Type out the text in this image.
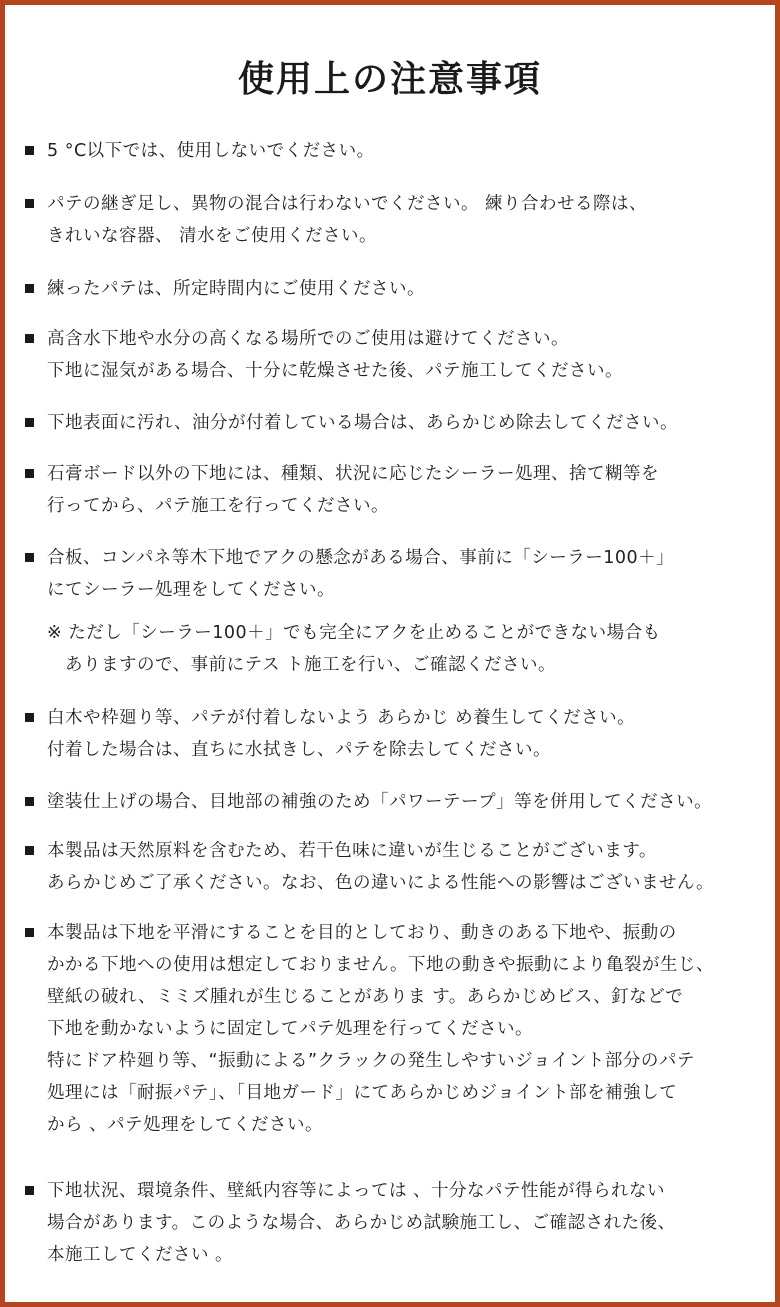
使用上の注意事項
5 °C以下では、使用しないでください。
パテの継ぎ足し、異物の混合は行わないでください。 練り合わせる際は、
きれいな容器、 清水をご使用ください。
練ったパテは、所定時間内にご使用ください。
高含水下地や水分の高くなる場所でのご使用は避けてください。
下地に湿気がある場合、十分に乾燥させた後、パテ施工してください。
下地表面に汚れ、油分が付着している場合は、あらかじめ除去してください。
石膏ボード以外の下地には、種類、状況に応じたシーラー処理、捨て糊等を
行ってから、パテ施工を行ってください。
合板、コンパネ等木下地でアクの懸念がある場合、事前に「シーラー100＋」
にてシーラー処理をしてください。
※ ただし「シーラー100＋」でも完全にアクを止めることができない場合も
　ありますので、事前にテス ト施工を行い、ご確認ください。
白木や枠廻り等、パテが付着しないよう あらかじ め養生してください。
付着した場合は、直ちに水拭きし、パテを除去してください。
塗装仕上げの場合、目地部の補強のため「パワーテープ」等を併用してください。
本製品は天然原料を含むため、若干色味に違いが生じることがございます。
あらかじめご了承ください。なお、色の違いによる性能への影響はございません。
本製品は下地を平滑にすることを目的としており、動きのある下地や、振動の
かかる下地への使用は想定しておりません。下地の動きや振動により亀裂が生じ、
壁紙の破れ、ミミズ腫れが生じることがありま す。あらかじめビス、釘などで
下地を動かないように固定してパテ処理を行ってください。
特にドア枠廻り等、“振動による”クラックの発生しやすいジョイント部分のパテ
処理には「耐振パテ」、「目地ガード」にてあらかじめジョイント部を補強して
から 、パテ処理をしてください。
下地状況、環境条件、壁紙内容等によっては 、十分なパテ性能が得られない
場合があります。このような場合、あらかじめ試験施工し、ご確認された後、
本施工してください 。
